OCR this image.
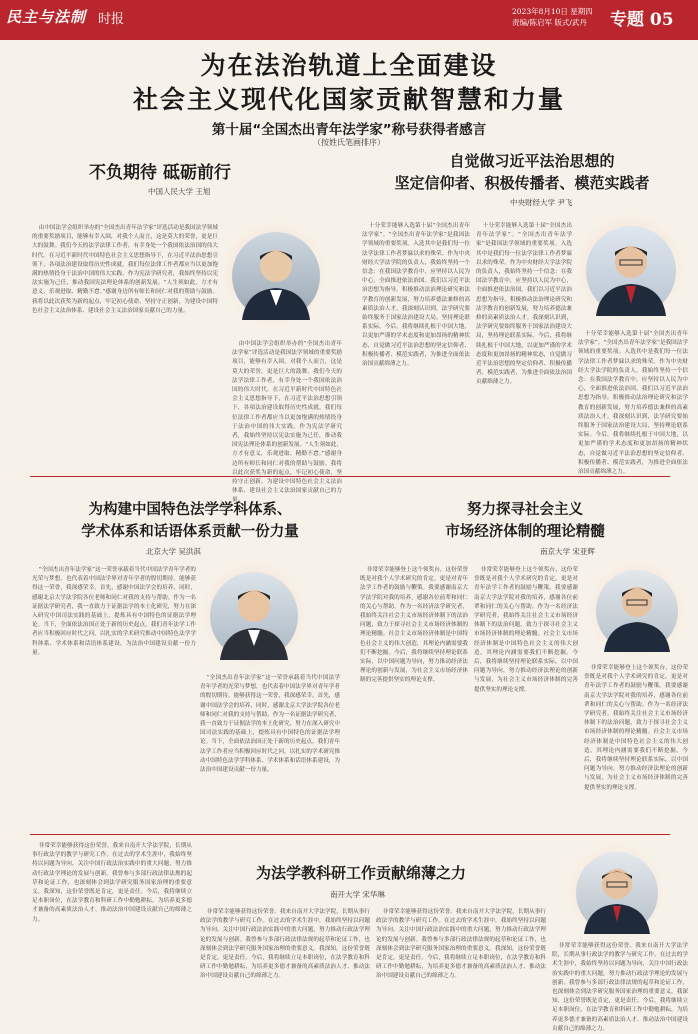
民主与法制 时报
2023年8月10日 星期四
责编/陈启军 版式/武丹	专题 05
为在法治轨道上全面建设
社会主义现代化国家贡献智慧和力量
第十届“全国杰出青年法学家”称号获得者感言
（按姓氏笔画排序）
不负期待 砥砺前行
中国人民大学 王旭

由中国法学会组织举办的“全国杰出青年法学家”评选活动是我国法学领域的重要奖励项目，能够有幸入围，对我个人而言，这是莫大的荣誉，更是巨大的鼓舞。我们今天的法学法律工作者，有幸身处一个我国依法治国的伟大时代。在习近平新时代中国特色社会主义思想指导下，在习近平法治思想引领下，各项法治建设取得历史性成就。我们每位法律工作者都应当以更加饱满的热情投身于法治中国的伟大实践。作为宪法学研究者，我始终坚持以宪法实施为己任，推动我国宪法理论体系的创新发展。“人生须如此，方才有意义，乐观进取、精勤不怠。”感谢身边所有师长和同仁对我的帮助与鼓励。我将以此次获奖为新的起点，牢记初心使命，坚持守正创新，为建设中国特色社会主义法治体系、建设社会主义法治国家贡献自己的力量。

由中国法学会组织举办的“全国杰出青年法学家”评选活动是我国法学领域的重要奖励项目，能够有幸入围，对我个人而言，这是莫大的荣誉，更是巨大的鼓舞。我们今天的法学法律工作者，有幸身处一个我国依法治国的伟大时代。在习近平新时代中国特色社会主义思想指导下，在习近平法治思想引领下，各项法治建设取得历史性成就。我们每位法律工作者都应当以更加饱满的热情投身于法治中国的伟大实践。作为宪法学研究者，我始终坚持以宪法实施为己任，推动我国宪法理论体系的创新发展。“人生须如此，方才有意义，乐观进取、精勤不怠。”感谢身边所有师长和同仁对我的帮助与鼓励。我将以此次获奖为新的起点，牢记初心使命，坚持守正创新，为建设中国特色社会主义法治体系、建设社会主义法治国家贡献自己的力量。

自觉做习近平法治思想的
坚定信仰者、积极传播者、模范实践者
中央财经大学 尹飞

十分荣幸能够入选第十届“全国杰出青年法学家”。“全国杰出青年法学家”是我国法学领域的重要奖项。入选其中是我们每一位法学法律工作者梦寐以求的殊荣。作为中央财经大学法学院的负责人，我始终坚持一个信念：在我国法学教育中，应坚持以人民为中心，全面推进依法治国。我们以习近平法治思想为指导，积极推动法治理论研究和法学教育的创新发展，努力培养德法兼修的高素质法治人才。我深刻认识到，法学研究要始终服务于国家法治建设大局，坚持理论联系实际。今后，我将继续扎根于中国大地，以更加严谨的学术态度和更加昂扬的精神状态，自觉做习近平法治思想的坚定信仰者、积极传播者、模范实践者，为推进全面依法治国贡献绵薄之力。

十分荣幸能够入选第十届“全国杰出青年法学家”。“全国杰出青年法学家”是我国法学领域的重要奖项。入选其中是我们每一位法学法律工作者梦寐以求的殊荣。作为中央财经大学法学院的负责人，我始终坚持一个信念：在我国法学教育中，应坚持以人民为中心，全面推进依法治国。我们以习近平法治思想为指导，积极推动法治理论研究和法学教育的创新发展，努力培养德法兼修的高素质法治人才。我深刻认识到，法学研究要始终服务于国家法治建设大局，坚持理论联系实际。今后，我将继续扎根于中国大地，以更加严谨的学术态度和更加昂扬的精神状态，自觉做习近平法治思想的坚定信仰者、积极传播者、模范实践者，为推进全面依法治国贡献绵薄之力。

十分荣幸能够入选第十届“全国杰出青年法学家”。“全国杰出青年法学家”是我国法学领域的重要奖项。入选其中是我们每一位法学法律工作者梦寐以求的殊荣。作为中央财经大学法学院的负责人，我始终坚持一个信念：在我国法学教育中，应坚持以人民为中心，全面推进依法治国。我们以习近平法治思想为指导，积极推动法治理论研究和法学教育的创新发展，努力培养德法兼修的高素质法治人才。我深刻认识到，法学研究要始终服务于国家法治建设大局，坚持理论联系实际。今后，我将继续扎根于中国大地，以更加严谨的学术态度和更加昂扬的精神状态，自觉做习近平法治思想的坚定信仰者、积极传播者、模范实践者，为推进全面依法治国贡献绵薄之力。

为构建中国特色法学学科体系、
学术体系和话语体系贡献一份力量
北京大学 吴洪淇

“全国杰出青年法学家”这一荣誉承载着当代中国法学青年学者的光荣与梦想，也代表着中国法学界对青年学者的殷切期待。能够获得这一荣誉，我深感荣幸。首先，感谢中国法学会的培养，同时，感谢北京大学法学院各位老师和同仁对我的支持与帮助。作为一名证据法学研究者，我一直致力于证据法学的本土化研究，努力在深入研究中国司法实践的基础上，提炼具有中国特色的证据法学理论。当下，全面依法治国正处于新的历史起点，我们青年法学工作者应当积极回应时代之问，以扎实的学术研究推动中国特色法学学科体系、学术体系和话语体系建设，为法治中国建设贡献一份力量。

“全国杰出青年法学家”这一荣誉承载着当代中国法学青年学者的光荣与梦想，也代表着中国法学界对青年学者的殷切期待。能够获得这一荣誉，我深感荣幸。首先，感谢中国法学会的培养，同时，感谢北京大学法学院各位老师和同仁对我的支持与帮助。作为一名证据法学研究者，我一直致力于证据法学的本土化研究，努力在深入研究中国司法实践的基础上，提炼具有中国特色的证据法学理论。当下，全面依法治国正处于新的历史起点，我们青年法学工作者应当积极回应时代之问，以扎实的学术研究推动中国特色法学学科体系、学术体系和话语体系建设，为法治中国建设贡献一份力量。

努力探寻社会主义
市场经济体制的理论精髓
南京大学 宋亚辉

非常荣幸能够登上这个领奖台，这份荣誉既是对我个人学术研究的肯定，更是对青年法学工作者的鼓励与鞭策。我要感谢南京大学法学院对我的培养，感谢各位前辈和同仁的关心与帮助。作为一名经济法学研究者，我始终关注社会主义市场经济体制下的法治问题，致力于探寻社会主义市场经济体制的理论精髓。社会主义市场经济体制是中国特色社会主义的伟大创造，其理论内涵需要我们不断挖掘。今后，我将继续坚持理论联系实际，以中国问题为导向，努力推动经济法理论的创新与发展，为社会主义市场经济体制的完善提供坚实的理论支撑。

非常荣幸能够登上这个领奖台，这份荣誉既是对我个人学术研究的肯定，更是对青年法学工作者的鼓励与鞭策。我要感谢南京大学法学院对我的培养，感谢各位前辈和同仁的关心与帮助。作为一名经济法学研究者，我始终关注社会主义市场经济体制下的法治问题，致力于探寻社会主义市场经济体制的理论精髓。社会主义市场经济体制是中国特色社会主义的伟大创造，其理论内涵需要我们不断挖掘。今后，我将继续坚持理论联系实际，以中国问题为导向，努力推动经济法理论的创新与发展，为社会主义市场经济体制的完善提供坚实的理论支撑。

非常荣幸能够登上这个领奖台，这份荣誉既是对我个人学术研究的肯定，更是对青年法学工作者的鼓励与鞭策。我要感谢南京大学法学院对我的培养，感谢各位前辈和同仁的关心与帮助。作为一名经济法学研究者，我始终关注社会主义市场经济体制下的法治问题，致力于探寻社会主义市场经济体制的理论精髓。社会主义市场经济体制是中国特色社会主义的伟大创造，其理论内涵需要我们不断挖掘。今后，我将继续坚持理论联系实际，以中国问题为导向，努力推动经济法理论的创新与发展，为社会主义市场经济体制的完善提供坚实的理论支撑。

非常荣幸能够获得这份荣誉。我来自南开大学法学院，长期从事行政法学的教学与研究工作。在过去的学术生涯中，我始终坚持以问题为导向，关注中国行政法治实践中的重大问题，努力推动行政法学理论的发展与创新。我曾参与多部行政法律法规的起草和论证工作，也深刻体会到法学研究服务国家治理的重要意义。我深知，这份荣誉既是肯定，更是责任。今后，我将继续立足本职岗位，在法学教育和科研工作中勤勉耕耘，为培养更多德才兼备的高素质法治人才、推动法治中国建设贡献自己的绵薄之力。

为法学教科研工作贡献绵薄之力
南开大学 宋华琳

非常荣幸能够获得这份荣誉。我来自南开大学法学院，长期从事行政法学的教学与研究工作。在过去的学术生涯中，我始终坚持以问题为导向，关注中国行政法治实践中的重大问题，努力推动行政法学理论的发展与创新。我曾参与多部行政法律法规的起草和论证工作，也深刻体会到法学研究服务国家治理的重要意义。我深知，这份荣誉既是肯定，更是责任。今后，我将继续立足本职岗位，在法学教育和科研工作中勤勉耕耘，为培养更多德才兼备的高素质法治人才、推动法治中国建设贡献自己的绵薄之力。

非常荣幸能够获得这份荣誉。我来自南开大学法学院，长期从事行政法学的教学与研究工作。在过去的学术生涯中，我始终坚持以问题为导向，关注中国行政法治实践中的重大问题，努力推动行政法学理论的发展与创新。我曾参与多部行政法律法规的起草和论证工作，也深刻体会到法学研究服务国家治理的重要意义。我深知，这份荣誉既是肯定，更是责任。今后，我将继续立足本职岗位，在法学教育和科研工作中勤勉耕耘，为培养更多德才兼备的高素质法治人才、推动法治中国建设贡献自己的绵薄之力。

非常荣幸能够获得这份荣誉。我来自南开大学法学院，长期从事行政法学的教学与研究工作。在过去的学术生涯中，我始终坚持以问题为导向，关注中国行政法治实践中的重大问题，努力推动行政法学理论的发展与创新。我曾参与多部行政法律法规的起草和论证工作，也深刻体会到法学研究服务国家治理的重要意义。我深知，这份荣誉既是肯定，更是责任。今后，我将继续立足本职岗位，在法学教育和科研工作中勤勉耕耘，为培养更多德才兼备的高素质法治人才、推动法治中国建设贡献自己的绵薄之力。
